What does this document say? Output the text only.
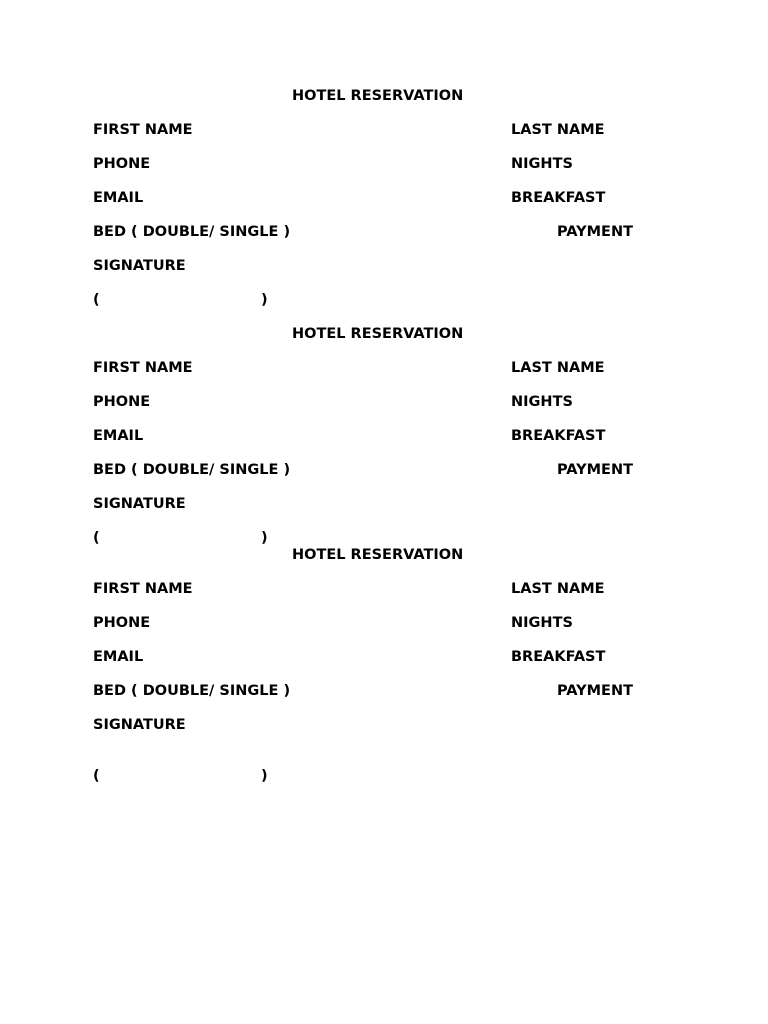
HOTEL RESERVATION
FIRST NAME	LAST NAME
PHONE	NIGHTS
EMAIL	BREAKFAST
BED ( DOUBLE/ SINGLE )	PAYMENT
SIGNATURE
(	)
HOTEL RESERVATION
FIRST NAME	LAST NAME
PHONE	NIGHTS
EMAIL	BREAKFAST
BED ( DOUBLE/ SINGLE )	PAYMENT
SIGNATURE
(	)
HOTEL RESERVATION
FIRST NAME	LAST NAME
PHONE	NIGHTS
EMAIL	BREAKFAST
BED ( DOUBLE/ SINGLE )	PAYMENT
SIGNATURE
(	)
